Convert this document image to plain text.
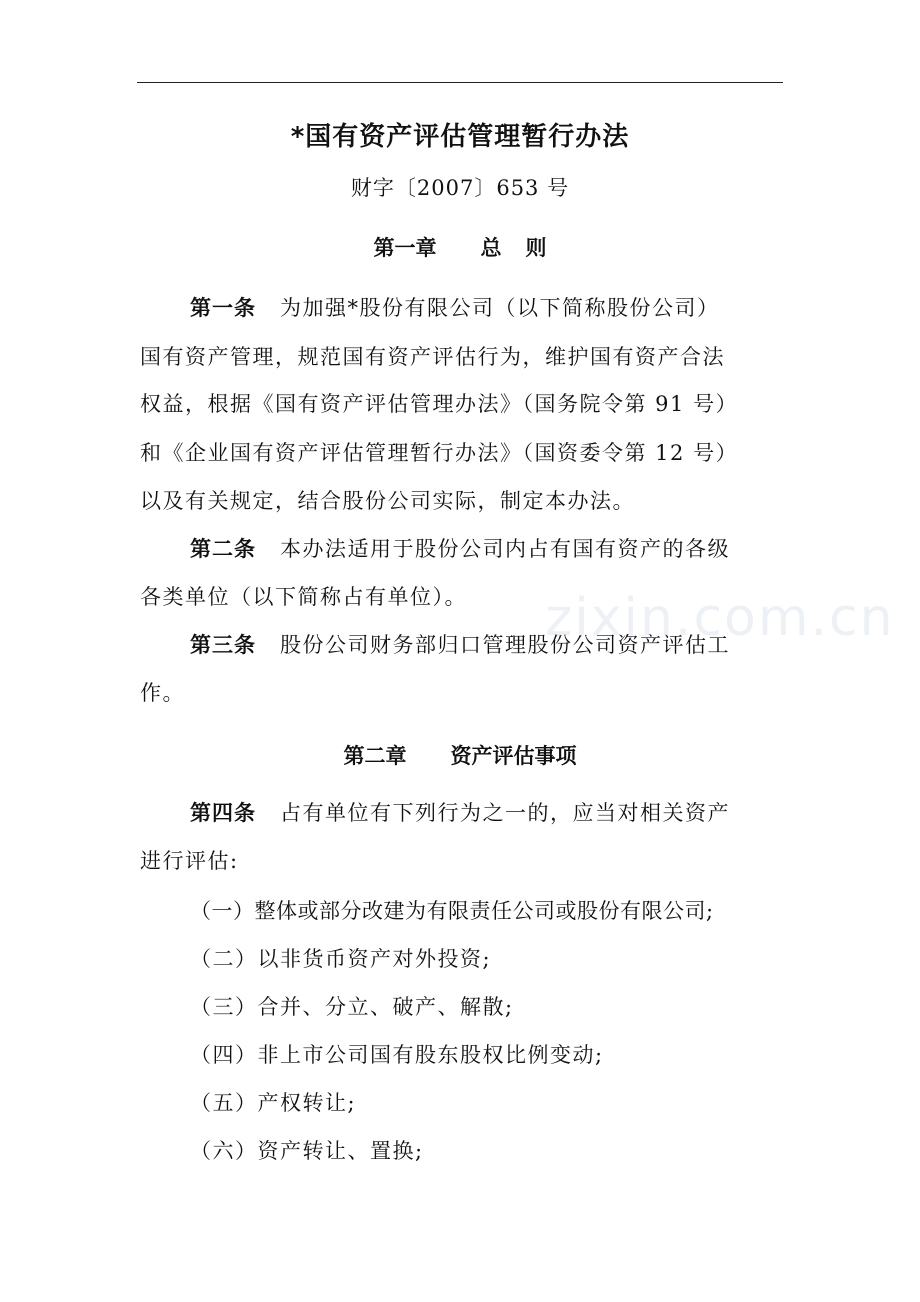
*国有资产评估管理暂行办法
财字〔2007〕653 号
第一章 总 则
第一条 为加强*股份有限公司（以下简称股份公司）
国有资产管理，规范国有资产评估行为，维护国有资产合法
权益，根据《国有资产评估管理办法》（国务院令第 91 号）
和《企业国有资产评估管理暂行办法》（国资委令第 12 号）
以及有关规定，结合股份公司实际，制定本办法。
第二条 本办法适用于股份公司内占有国有资产的各级
各类单位（以下简称占有单位）。
第三条 股份公司财务部归口管理股份公司资产评估工
作。
第二章 资产评估事项
第四条 占有单位有下列行为之一的，应当对相关资产
进行评估:
（一）整体或部分改建为有限责任公司或股份有限公司;
（二）以非货币资产对外投资;
（三）合并、分立、破产、解散;
（四）非上市公司国有股东股权比例变动;
（五）产权转让;
（六）资产转让、置换;
zixin.com.cn
